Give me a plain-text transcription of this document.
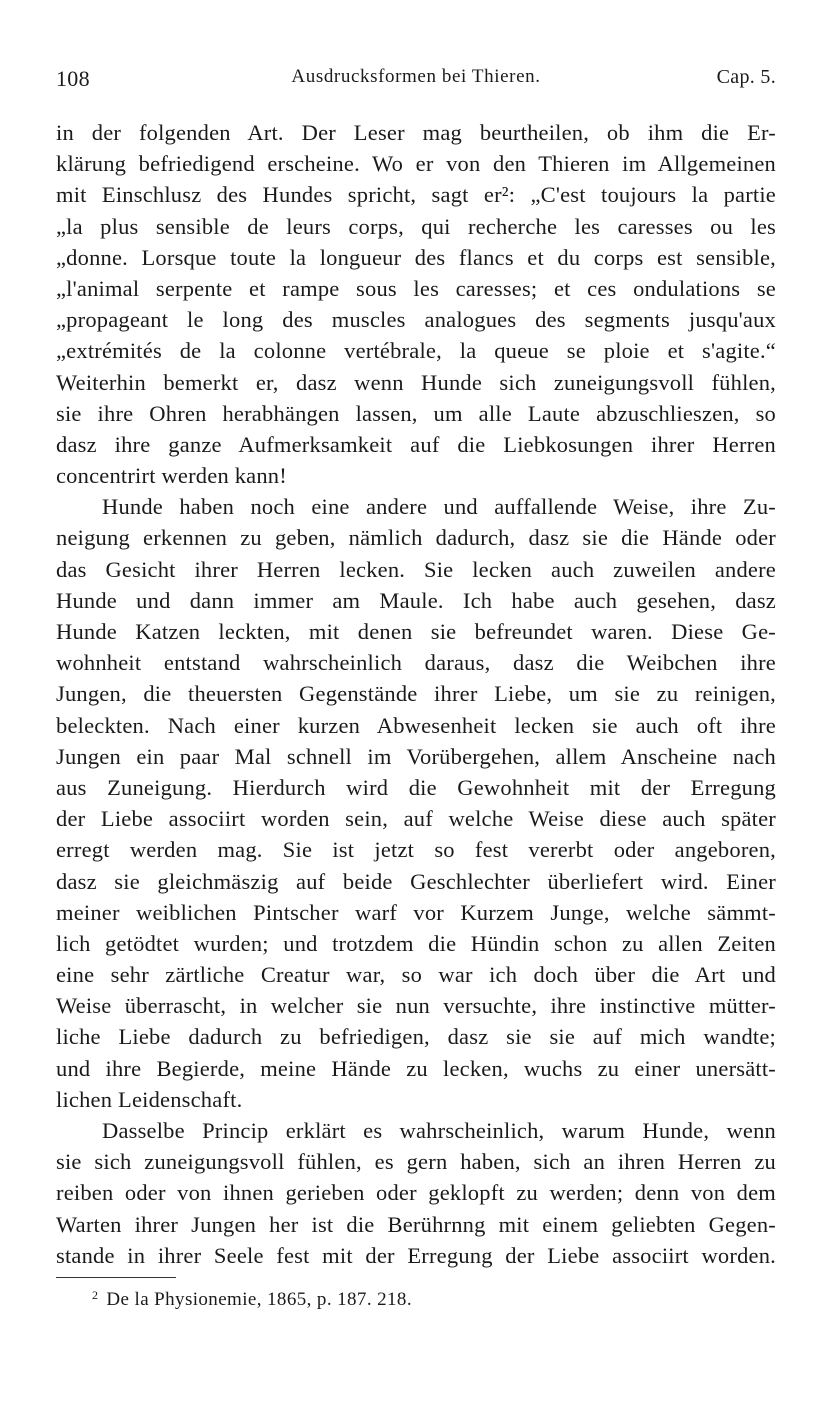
108	Ausdrucksformen bei Thieren.	Cap. 5.
in der folgenden Art. Der Leser mag beurtheilen, ob ihm die Er-
klärung befriedigend erscheine. Wo er von den Thieren im Allgemeinen
mit Einschlusz des Hundes spricht, sagt er²: „C'est toujours la partie
„la plus sensible de leurs corps, qui recherche les caresses ou les
„donne. Lorsque toute la longueur des flancs et du corps est sensible,
„l'animal serpente et rampe sous les caresses; et ces ondulations se
„propageant le long des muscles analogues des segments jusqu'aux
„extrémités de la colonne vertébrale, la queue se ploie et s'agite.“
Weiterhin bemerkt er, dasz wenn Hunde sich zuneigungsvoll fühlen,
sie ihre Ohren herabhängen lassen, um alle Laute abzuschlieszen, so
dasz ihre ganze Aufmerksamkeit auf die Liebkosungen ihrer Herren
concentrirt werden kann!
Hunde haben noch eine andere und auffallende Weise, ihre Zu-
neigung erkennen zu geben, nämlich dadurch, dasz sie die Hände oder
das Gesicht ihrer Herren lecken. Sie lecken auch zuweilen andere
Hunde und dann immer am Maule. Ich habe auch gesehen, dasz
Hunde Katzen leckten, mit denen sie befreundet waren. Diese Ge-
wohnheit entstand wahrscheinlich daraus, dasz die Weibchen ihre
Jungen, die theuersten Gegenstände ihrer Liebe, um sie zu reinigen,
beleckten. Nach einer kurzen Abwesenheit lecken sie auch oft ihre
Jungen ein paar Mal schnell im Vorübergehen, allem Anscheine nach
aus Zuneigung. Hierdurch wird die Gewohnheit mit der Erregung
der Liebe associirt worden sein, auf welche Weise diese auch später
erregt werden mag. Sie ist jetzt so fest vererbt oder angeboren,
dasz sie gleichmäszig auf beide Geschlechter überliefert wird. Einer
meiner weiblichen Pintscher warf vor Kurzem Junge, welche sämmt-
lich getödtet wurden; und trotzdem die Hündin schon zu allen Zeiten
eine sehr zärtliche Creatur war, so war ich doch über die Art und
Weise überrascht, in welcher sie nun versuchte, ihre instinctive mütter-
liche Liebe dadurch zu befriedigen, dasz sie sie auf mich wandte;
und ihre Begierde, meine Hände zu lecken, wuchs zu einer unersätt-
lichen Leidenschaft.
Dasselbe Princip erklärt es wahrscheinlich, warum Hunde, wenn
sie sich zuneigungsvoll fühlen, es gern haben, sich an ihren Herren zu
reiben oder von ihnen gerieben oder geklopft zu werden; denn von dem
Warten ihrer Jungen her ist die Berührnng mit einem geliebten Gegen-
stande in ihrer Seele fest mit der Erregung der Liebe associirt worden.
$^2$ De la Physionemie, 1865, p. 187. 218.
